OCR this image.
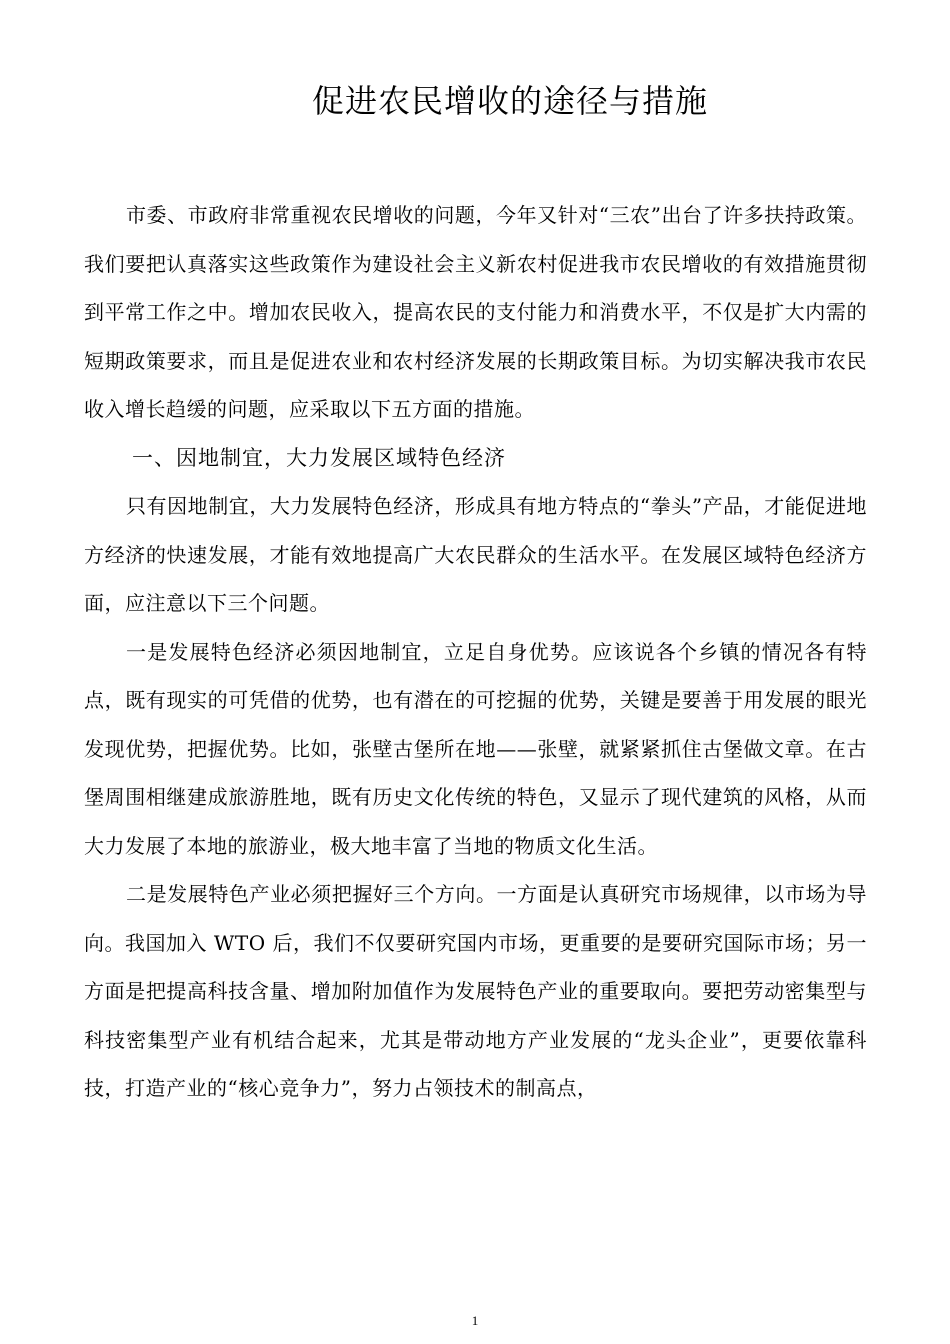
促进农民增收的途径与措施

市委、市政府非常重视农民增收的问题，今年又针对“三农”出台了许多扶持政策。我们要把认真落实这些政策作为建设社会主义新农村促进我市农民增收的有效措施贯彻到平常工作之中。增加农民收入，提高农民的支付能力和消费水平，不仅是扩大内需的短期政策要求，而且是促进农业和农村经济发展的长期政策目标。为切实解决我市农民收入增长趋缓的问题，应采取以下五方面的措施。

一、因地制宜，大力发展区域特色经济

只有因地制宜，大力发展特色经济，形成具有地方特点的“拳头”产品，才能促进地方经济的快速发展，才能有效地提高广大农民群众的生活水平。在发展区域特色经济方面，应注意以下三个问题。

一是发展特色经济必须因地制宜，立足自身优势。应该说各个乡镇的情况各有特点，既有现实的可凭借的优势，也有潜在的可挖掘的优势，关键是要善于用发展的眼光发现优势，把握优势。比如，张壁古堡所在地——张壁，就紧紧抓住古堡做文章。在古堡周围相继建成旅游胜地，既有历史文化传统的特色，又显示了现代建筑的风格，从而大力发展了本地的旅游业，极大地丰富了当地的物质文化生活。

二是发展特色产业必须把握好三个方向。一方面是认真研究市场规律，以市场为导向。我国加入 WTO 后，我们不仅要研究国内市场，更重要的是要研究国际市场；另一方面是把提高科技含量、增加附加值作为发展特色产业的重要取向。要把劳动密集型与科技密集型产业有机结合起来，尤其是带动地方产业发展的“龙头企业”，更要依靠科技，打造产业的“核心竞争力”，努力占领技术的制高点，

1
